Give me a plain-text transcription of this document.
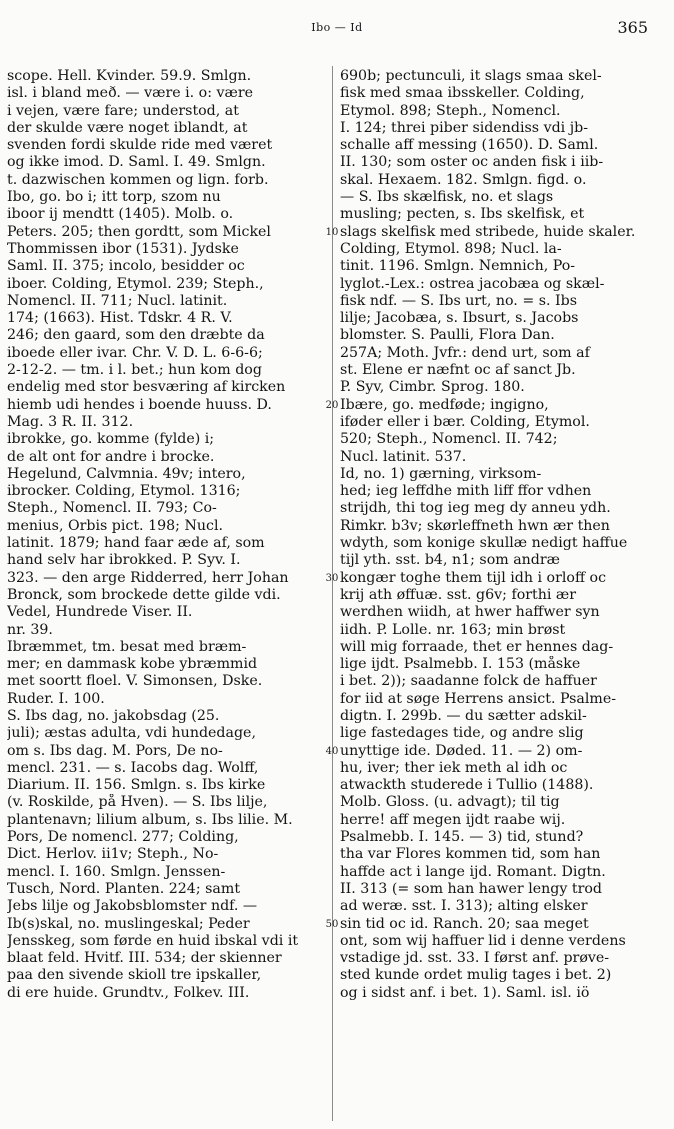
Ibo — Id	365
scope. Hell. Kvinder. 59.9. Smlgn.
isl. i bland með. — være i. o: være
i vejen, være fare; understod, at
der skulde være noget iblandt, at
svenden fordi skulde ride med været
og ikke imod. D. Saml. I. 49. Smlgn.
t. dazwischen kommen og lign. forb.
Ibo, go. bo i; itt torp, szom nu
iboor ij mendtt (1405). Molb. o.
Peters. 205; then gordtt, som Mickel
Thommissen ibor (1531). Jydske
Saml. II. 375; incolo, besidder oc
iboer. Colding, Etymol. 239; Steph.,
Nomencl. II. 711; Nucl. latinit.
174; (1663). Hist. Tdskr. 4 R. V.
246; den gaard, som den dræbte da
iboede eller ivar. Chr. V. D. L. 6-6-6;
2-12-2. — tm. i l. bet.; hun kom dog
endelig med stor besværing af kircken
hiemb udi hendes i boende huuss. D.
Mag. 3 R. II. 312.
ibrokke, go. komme (fylde) i;
de alt ont for andre i brocke.
Hegelund, Calvmnia. 49v; intero,
ibrocker. Colding, Etymol. 1316;
Steph., Nomencl. II. 793; Co-
menius, Orbis pict. 198; Nucl.
latinit. 1879; hand faar æde af, som
hand selv har ibrokked. P. Syv. I.
323. — den arge Ridderred, herr Johan
Bronck, som brockede dette gilde vdi.
Vedel, Hundrede Viser. II.
nr. 39.
Ibræmmet, tm. besat med bræm-
mer; en dammask kobe ybræmmid
met soortt floel. V. Simonsen, Dske.
Ruder. I. 100.
S. Ibs dag, no. jakobsdag (25.
juli); æstas adulta, vdi hundedage,
om s. Ibs dag. M. Pors, De no-
mencl. 231. — s. Iacobs dag. Wolff,
Diarium. II. 156. Smlgn. s. Ibs kirke
(v. Roskilde, på Hven). — S. Ibs lilje,
plantenavn; lilium album, s. Ibs lilie. M.
Pors, De nomencl. 277; Colding,
Dict. Herlov. ii1v; Steph., No-
mencl. I. 160. Smlgn. Jenssen-
Tusch, Nord. Planten. 224; samt
Jebs lilje og Jakobsblomster ndf. —
Ib(s)skal, no. muslingeskal; Peder
Jensskeg, som førde en huid ibskal vdi it
blaat feld. Hvitf. III. 534; der skienner
paa den sivende skioll tre ipskaller,
di ere huide. Grundtv., Folkev. III.
10
20
30
40
50
690b; pectunculi, it slags smaa skel-
fisk med smaa ibsskeller. Colding,
Etymol. 898; Steph., Nomencl.
I. 124; threi piber sidendiss vdi jb-
schalle aff messing (1650). D. Saml.
II. 130; som oster oc anden fisk i iib-
skal. Hexaem. 182. Smlgn. figd. o.
— S. Ibs skælfisk, no. et slags
musling; pecten, s. Ibs skelfisk, et
slags skelfisk med stribede, huide skaler.
Colding, Etymol. 898; Nucl. la-
tinit. 1196. Smlgn. Nemnich, Po-
lyglot.-Lex.: ostrea jacobæa og skæl-
fisk ndf. — S. Ibs urt, no. = s. Ibs
lilje; Jacobæa, s. Ibsurt, s. Jacobs
blomster. S. Paulli, Flora Dan.
257A; Moth. Jvfr.: dend urt, som af
st. Elene er næfnt oc af sanct Jb.
P. Syv, Cimbr. Sprog. 180.
Ibære, go. medføde; ingigno,
iføder eller i bær. Colding, Etymol.
520; Steph., Nomencl. II. 742;
Nucl. latinit. 537.
Id, no. 1) gærning, virksom-
hed; ieg leffdhe mith liff ffor vdhen
strijdh, thi tog ieg meg dy anneu ydh.
Rimkr. b3v; skørleffneth hwn ær then
wdyth, som konige skullæ nedigt haffue
tijl yth. sst. b4, n1; som andræ
kongær toghe them tijl idh i orloff oc
krij ath øffuæ. sst. g6v; forthi ær
werdhen wiidh, at hwer haffwer syn
iidh. P. Lolle. nr. 163; min brøst
will mig forraade, thet er hennes dag-
lige ijdt. Psalmebb. I. 153 (måske
i bet. 2)); saadanne folck de haffuer
for iid at søge Herrens ansict. Psalme-
digtn. I. 299b. — du sætter adskil-
lige fastedages tide, og andre slig
unyttige ide. Døded. 11. — 2) om-
hu, iver; ther iek meth al idh oc
atwackth studerede i Tullio (1488).
Molb. Gloss. (u. advagt); til tig
herre! aff megen ijdt raabe wij.
Psalmebb. I. 145. — 3) tid, stund?
tha var Flores kommen tid, som han
haffde act i lange ijd. Romant. Digtn.
II. 313 (= som han hawer lengy trod
ad weræ. sst. I. 313); alting elsker
sin tid oc id. Ranch. 20; saa meget
ont, som wij haffuer lid i denne verdens
vstadige jd. sst. 33. I først anf. prøve-
sted kunde ordet mulig tages i bet. 2)
og i sidst anf. i bet. 1). Saml. isl. iö
